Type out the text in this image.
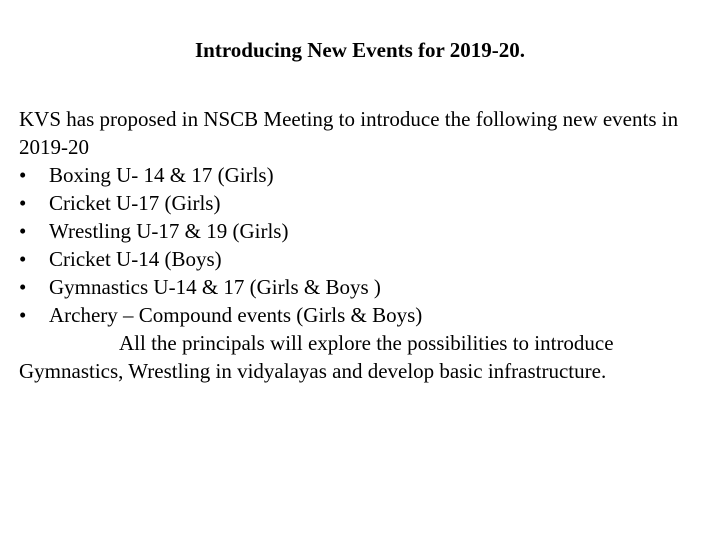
Introducing New Events for 2019-20.

KVS has proposed in NSCB Meeting to introduce the following new events in 2019-20

• Boxing U- 14 & 17 (Girls)
• Cricket U-17 (Girls)
• Wrestling U-17 & 19 (Girls)
• Cricket U-14 (Boys)
• Gymnastics U-14 & 17 (Girls & Boys )
• Archery – Compound events (Girls & Boys)

All the principals will explore the possibilities to introduce Gymnastics, Wrestling in vidyalayas and develop basic infrastructure.
